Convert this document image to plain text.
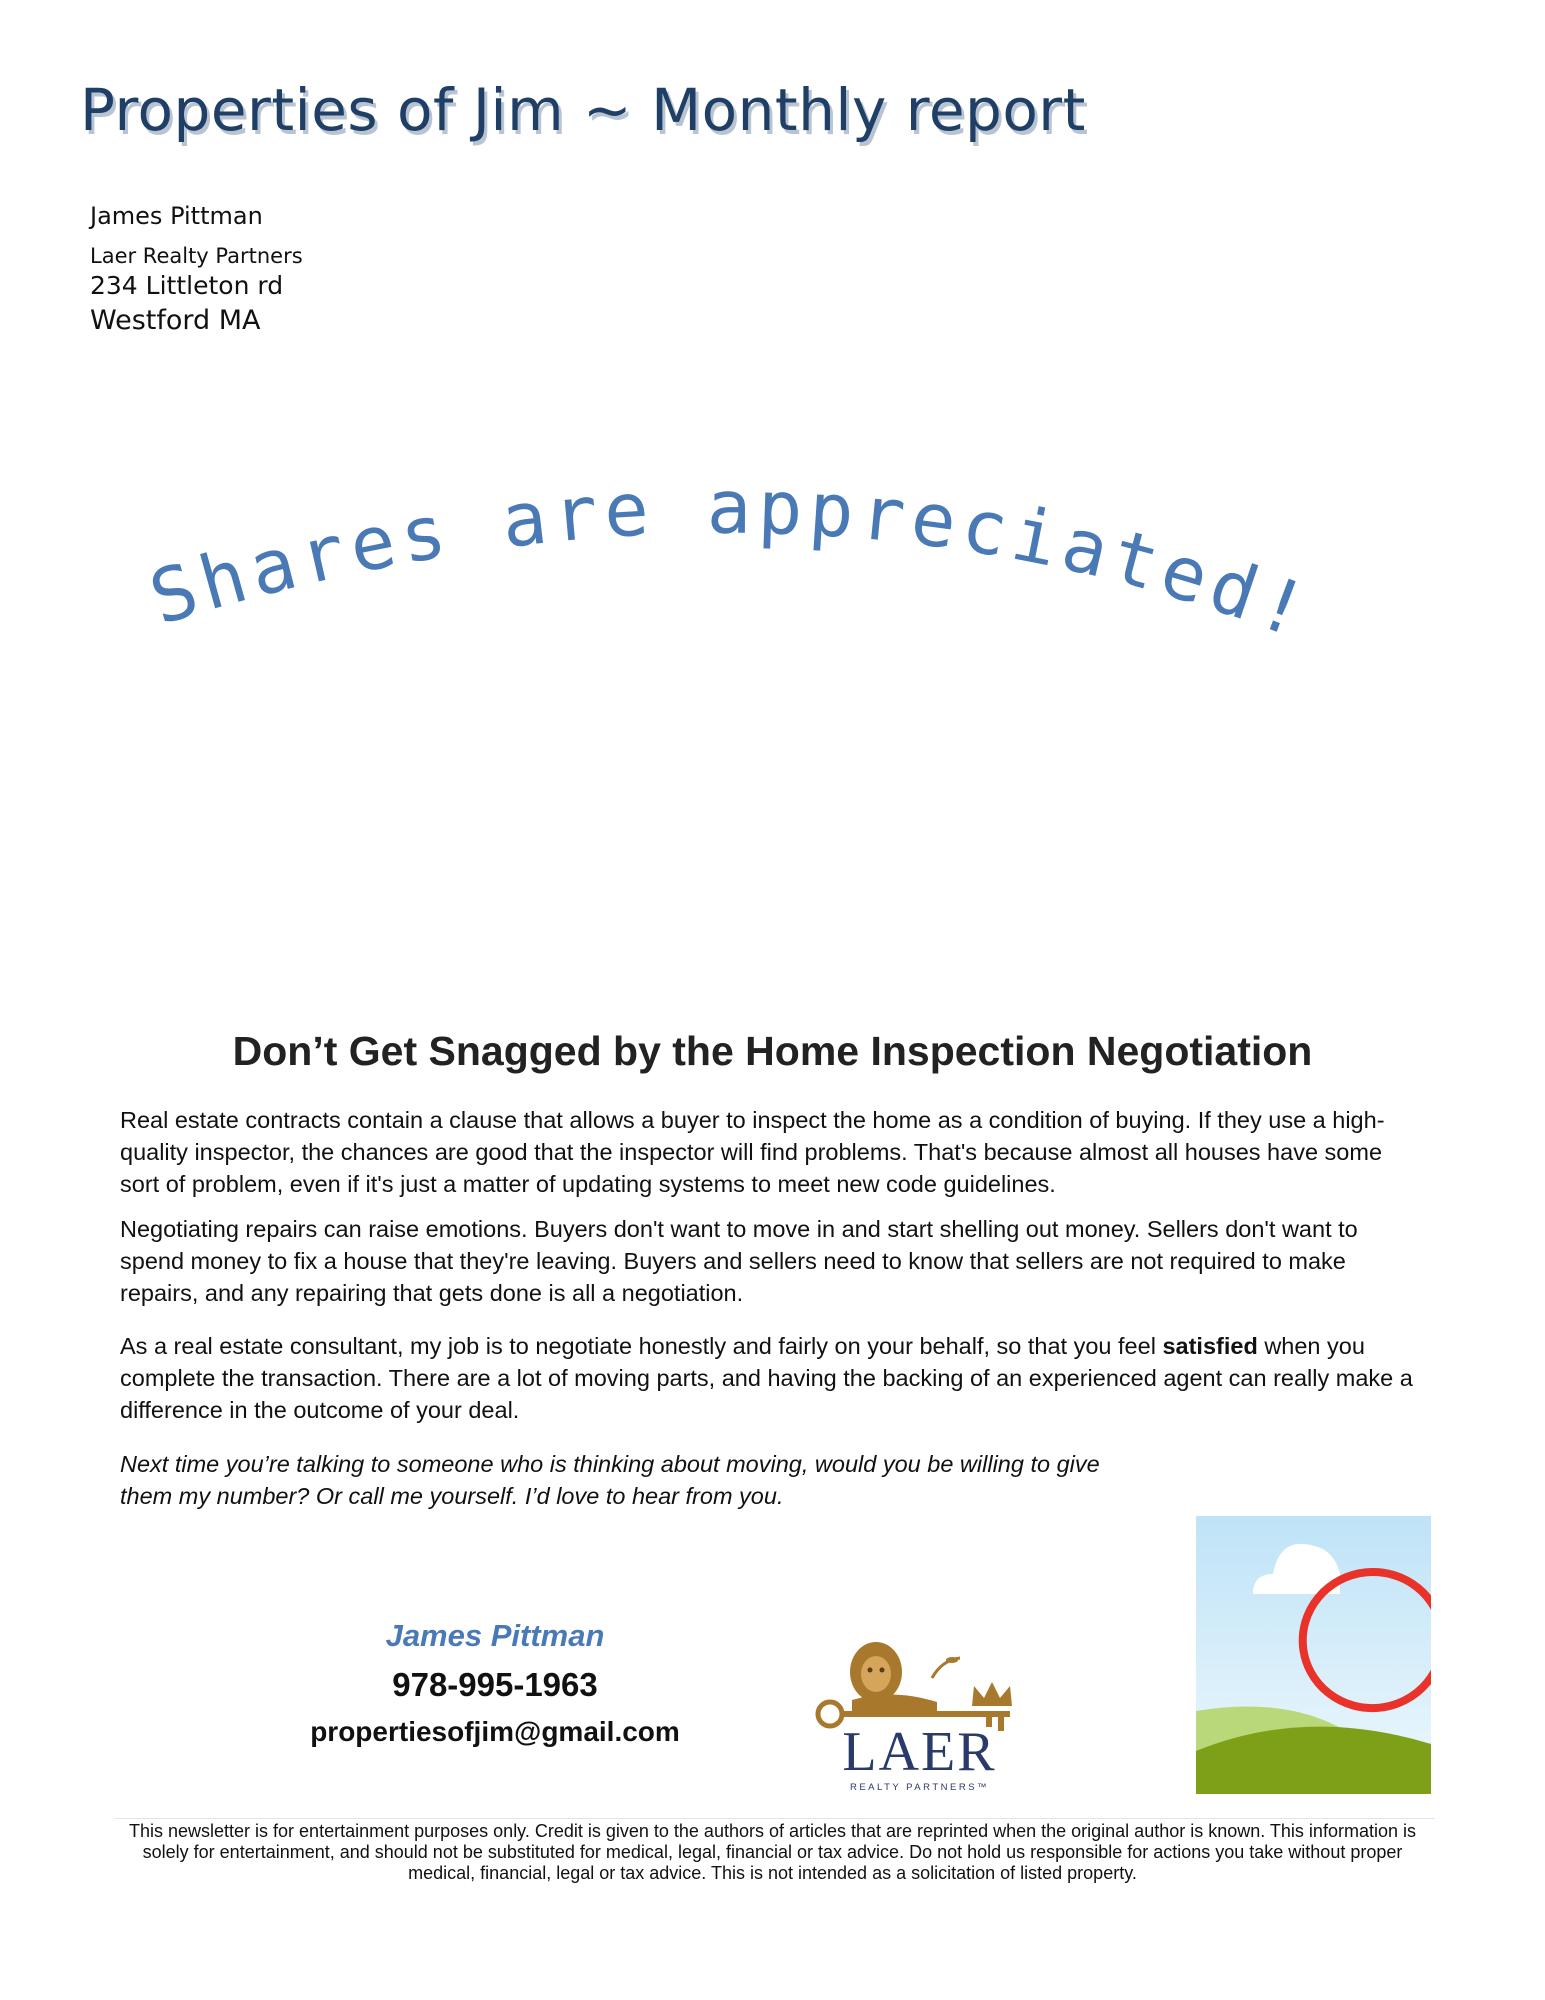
Properties of Jim ~ Monthly report
James Pittman
Laer Realty Partners
234 Littleton rd
Westford MA
Shares are appreciated!
Don’t Get Snagged by the Home Inspection Negotiation
Real estate contracts contain a clause that allows a buyer to inspect the home as a condition of buying. If they use a high-quality inspector, the chances are good that the inspector will find problems. That's because almost all houses have some sort of problem, even if it's just a matter of updating systems to meet new code guidelines.
Negotiating repairs can raise emotions. Buyers don't want to move in and start shelling out money. Sellers don't want to spend money to fix a house that they're leaving. Buyers and sellers need to know that sellers are not required to make repairs, and any repairing that gets done is all a negotiation.
As a real estate consultant, my job is to negotiate honestly and fairly on your behalf, so that you feel satisfied when you complete the transaction. There are a lot of moving parts, and having the backing of an experienced agent can really make a difference in the outcome of your deal.
Next time you’re talking to someone who is thinking about moving, would you be willing to give them my number? Or call me yourself. I’d love to hear from you.
James Pittman
978-995-1963
propertiesofjim@gmail.com	LAER
REALTY PARTNERS™
This newsletter is for entertainment purposes only. Credit is given to the authors of articles that are reprinted when the original author is known. This information is solely for entertainment, and should not be substituted for medical, legal, financial or tax advice. Do not hold us responsible for actions you take without proper medical, financial, legal or tax advice. This is not intended as a solicitation of listed property.
